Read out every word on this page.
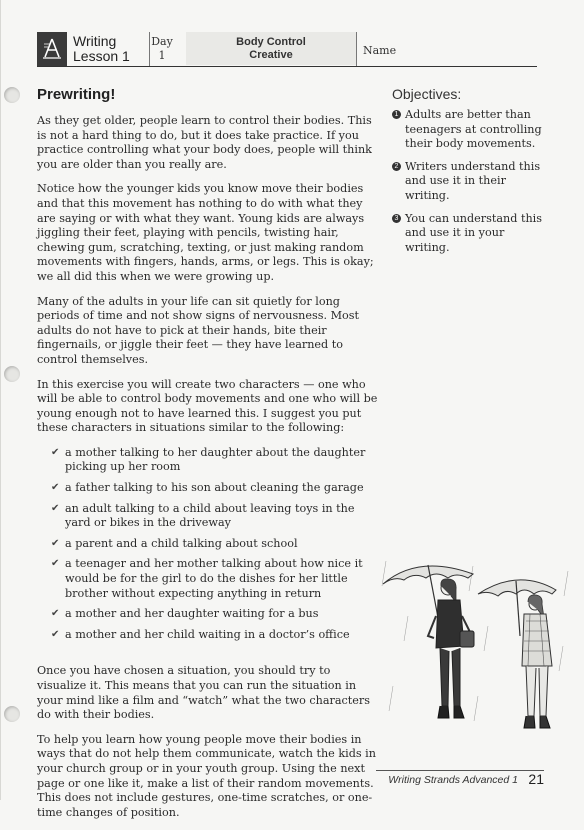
Writing
Lesson 1
Day
1
Body Control
Creative	Name
Prewriting!

As they get older, people learn to control their bodies. This is not a hard thing to do, but it does take practice. If you practice controlling what your body does, people will think you are older than you really are.

Notice how the younger kids you know move their bodies and that this movement has nothing to do with what they are saying or with what they want. Young kids are always jiggling their feet, playing with pencils, twisting hair, chewing gum, scratching, texting, or just making random movements with fingers, hands, arms, or legs. This is okay; we all did this when we were growing up.

Many of the adults in your life can sit quietly for long periods of time and not show signs of nervousness. Most adults do not have to pick at their hands, bite their fingernails, or jiggle their feet — they have learned to control themselves.

In this exercise you will create two characters — one who will be able to control body movements and one who will be young enough not to have learned this. I suggest you put these characters in situations similar to the following:

✔ a mother talking to her daughter about the daughter picking up her room
✔ a father talking to his son about cleaning the garage
✔ an adult talking to a child about leaving toys in the yard or bikes in the driveway
✔ a parent and a child talking about school
✔ a teenager and her mother talking about how nice it would be for the girl to do the dishes for her little brother without expecting anything in return
✔ a mother and her daughter waiting for a bus
✔ a mother and her child waiting in a doctor’s office

Once you have chosen a situation, you should try to visualize it. This means that you can run the situation in your mind like a film and “watch” what the two characters do with their bodies.

To help you learn how young people move their bodies in ways that do not help them communicate, watch the kids in your church group or in your youth group. Using the next page or one like it, make a list of their random movements. This does not include gestures, one-time scratches, or one-time changes of position.

Objectives:
1 Adults are better than teenagers at controlling their body movements.
2 Writers understand this and use it in their writing.
3 You can understand this and use it in your writing.
Writing Strands Advanced 1 21
